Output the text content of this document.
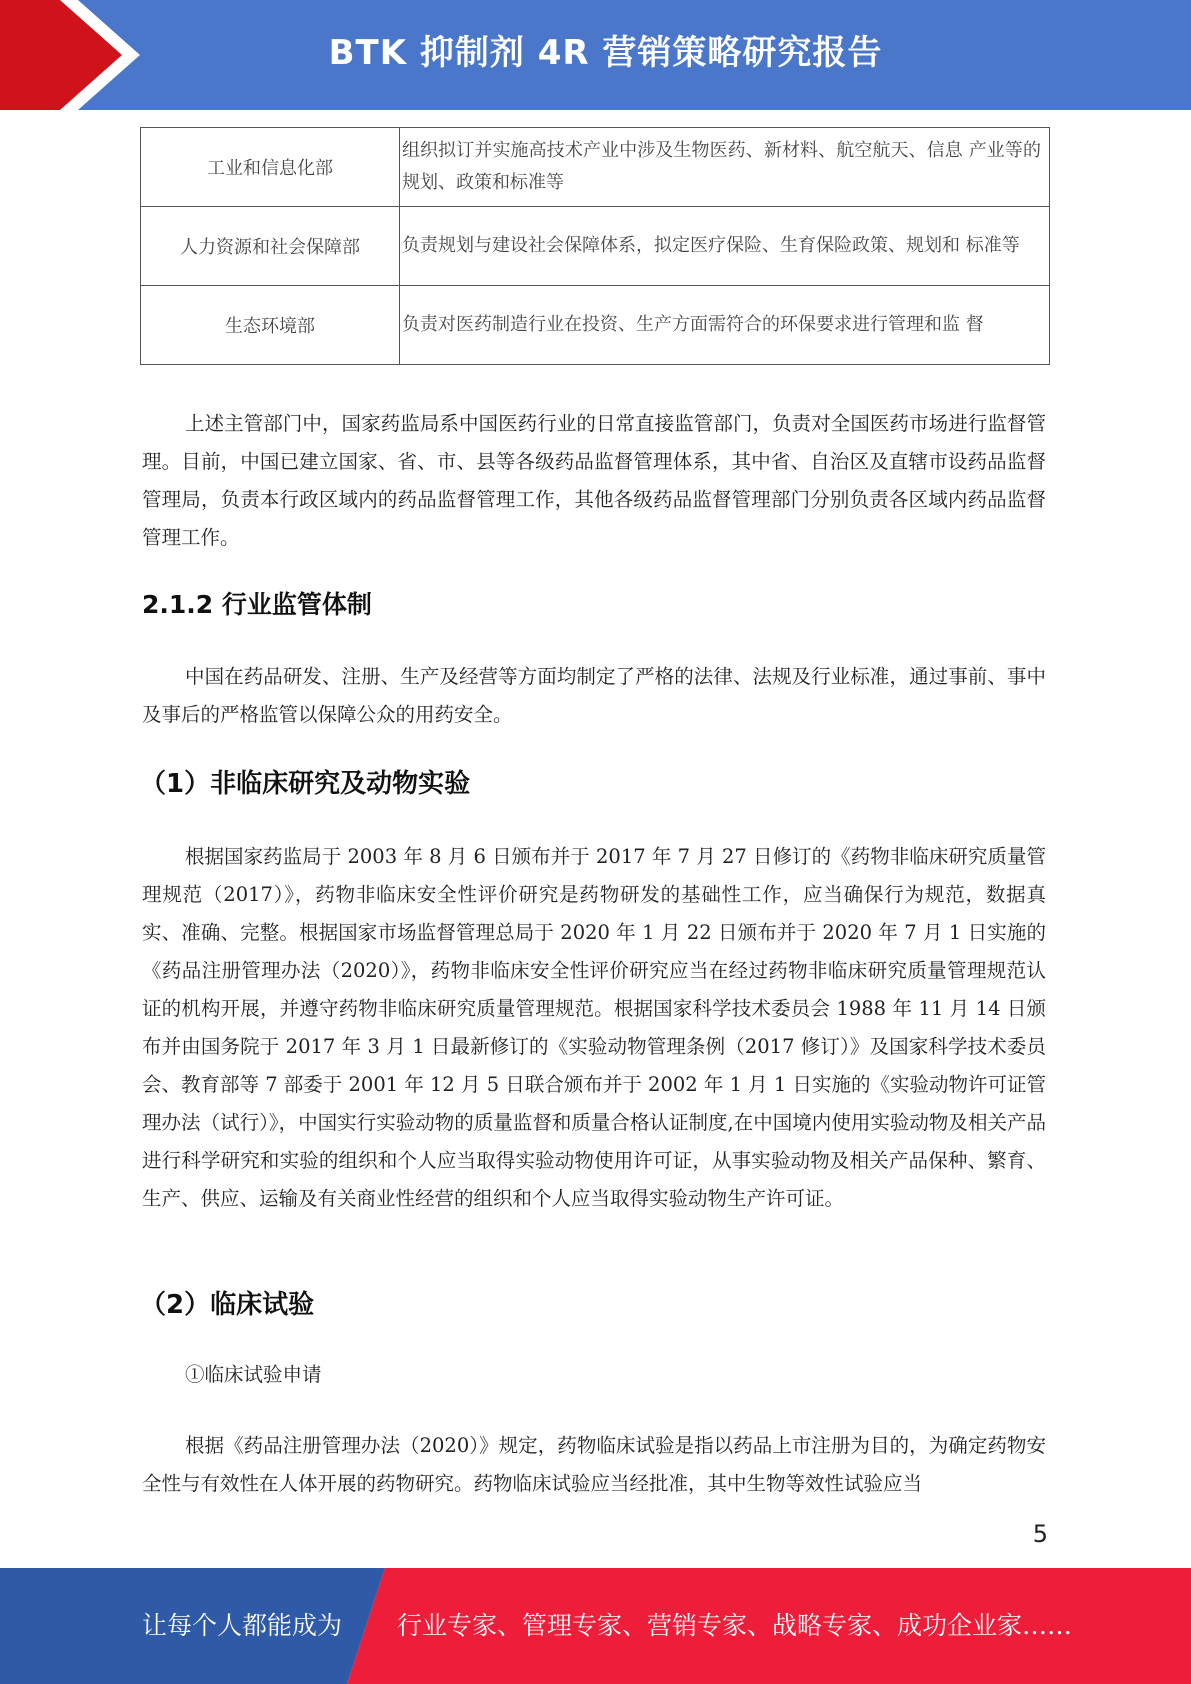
BTK 抑制剂 4R 营销策略研究报告
工业和信息化部	组织拟订并实施高技术产业中涉及生物医药、新材料、航空航天、信息 产业等的规划、政策和标准等
人力资源和社会保障部	负责规划与建设社会保障体系，拟定医疗保险、生育保险政策、规划和 标准等
生态环境部	负责对医药制造行业在投资、生产方面需符合的环保要求进行管理和监 督

上述主管部门中，国家药监局系中国医药行业的日常直接监管部门，负责对全国医药市场进行监督管理。目前，中国已建立国家、省、市、县等各级药品监督管理体系，其中省、自治区及直辖市设药品监督管理局，负责本行政区域内的药品监督管理工作，其他各级药品监督管理部门分别负责各区域内药品监督管理工作。

2.1.2 行业监管体制

中国在药品研发、注册、生产及经营等方面均制定了严格的法律、法规及行业标准，通过事前、事中及事后的严格监管以保障公众的用药安全。

（1）非临床研究及动物实验

根据国家药监局于 2003 年 8 月 6 日颁布并于 2017 年 7 月 27 日修订的《药物非临床研究质量管理规范（2017）》，药物非临床安全性评价研究是药物研发的基础性工作，应当确保行为规范，数据真实、准确、完整。根据国家市场监督管理总局于 2020 年 1 月 22 日颁布并于 2020 年 7 月 1 日实施的《药品注册管理办法（2020）》，药物非临床安全性评价研究应当在经过药物非临床研究质量管理规范认证的机构开展，并遵守药物非临床研究质量管理规范。根据国家科学技术委员会 1988 年 11 月 14 日颁布并由国务院于 2017 年 3 月 1 日最新修订的《实验动物管理条例（2017 修订）》及国家科学技术委员会、教育部等 7 部委于 2001 年 12 月 5 日联合颁布并于 2002 年 1 月 1 日实施的《实验动物许可证管理办法（试行）》，中国实行实验动物的质量监督和质量合格认证制度,在中国境内使用实验动物及相关产品进行科学研究和实验的组织和个人应当取得实验动物使用许可证，从事实验动物及相关产品保种、繁育、生产、供应、运输及有关商业性经营的组织和个人应当取得实验动物生产许可证。

（2）临床试验

①临床试验申请

根据《药品注册管理办法（2020）》规定，药物临床试验是指以药品上市注册为目的，为确定药物安全性与有效性在人体开展的药物研究。药物临床试验应当经批准，其中生物等效性试验应当

5
让每个人都能成为 行业专家、管理专家、营销专家、战略专家、成功企业家……
